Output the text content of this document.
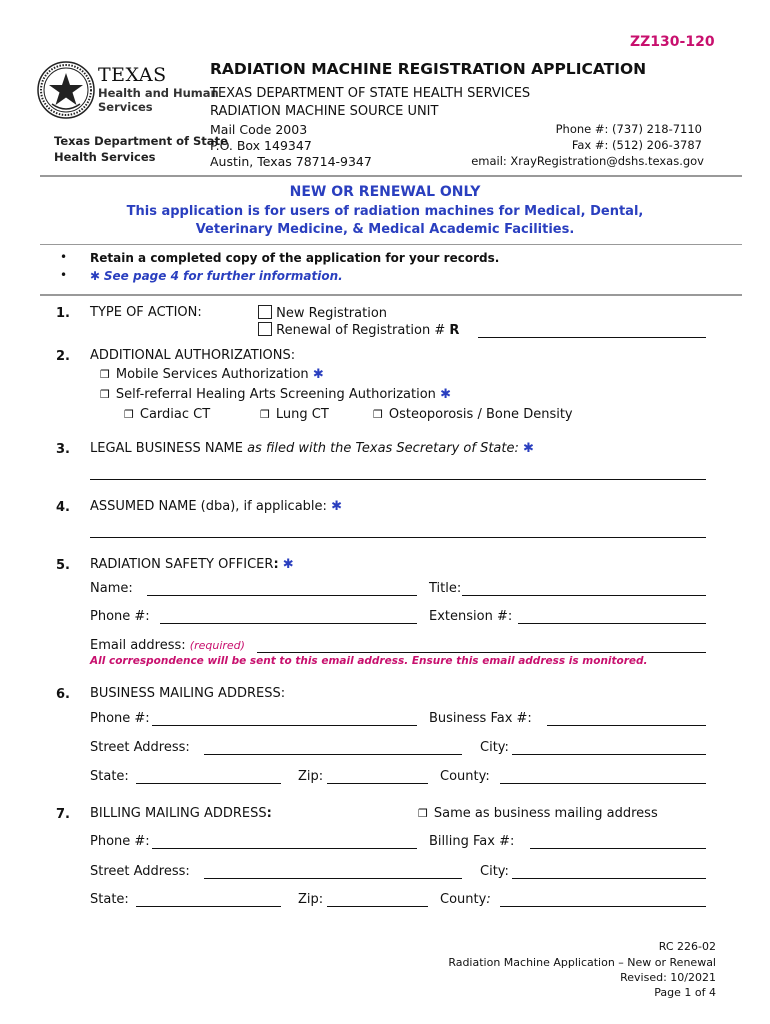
ZZ130-120
TEXAS
Health and Human
Services
Texas Department of State
Health Services
RADIATION MACHINE REGISTRATION APPLICATION
TEXAS DEPARTMENT OF STATE HEALTH SERVICES
RADIATION MACHINE SOURCE UNIT
Mail Code 2003
P.O. Box 149347
Austin, Texas 78714-9347
Phone #: (737) 218-7110
Fax #: (512) 206-3787
email: XrayRegistration@dshs.texas.gov
NEW OR RENEWAL ONLY
This application is for users of radiation machines for Medical, Dental,
Veterinary Medicine, & Medical Academic Facilities.
• Retain a completed copy of the application for your records.
• ✱ See page 4 for further information.
1. TYPE OF ACTION:	New Registration
Renewal of Registration # R
2. ADDITIONAL AUTHORIZATIONS:
❒ Mobile Services Authorization ✱
❒ Self-referral Healing Arts Screening Authorization ✱
❒ Cardiac CT	❒ Lung CT	❒ Osteoporosis / Bone Density
3. LEGAL BUSINESS NAME as filed with the Texas Secretary of State: ✱
4. ASSUMED NAME (dba), if applicable: ✱
5. RADIATION SAFETY OFFICER: ✱
Name:	Title:
Phone #:	Extension #:
Email address: (required)
All correspondence will be sent to this email address. Ensure this email address is monitored.
6. BUSINESS MAILING ADDRESS:
Phone #:	Business Fax #:
Street Address:	City:
State:	Zip:	County:
7. BILLING MAILING ADDRESS:	❒ Same as business mailing address
Phone #:	Billing Fax #:
Street Address:	City:
State:	Zip:	County:
RC 226-02
Radiation Machine Application – New or Renewal
Revised: 10/2021
Page 1 of 4
